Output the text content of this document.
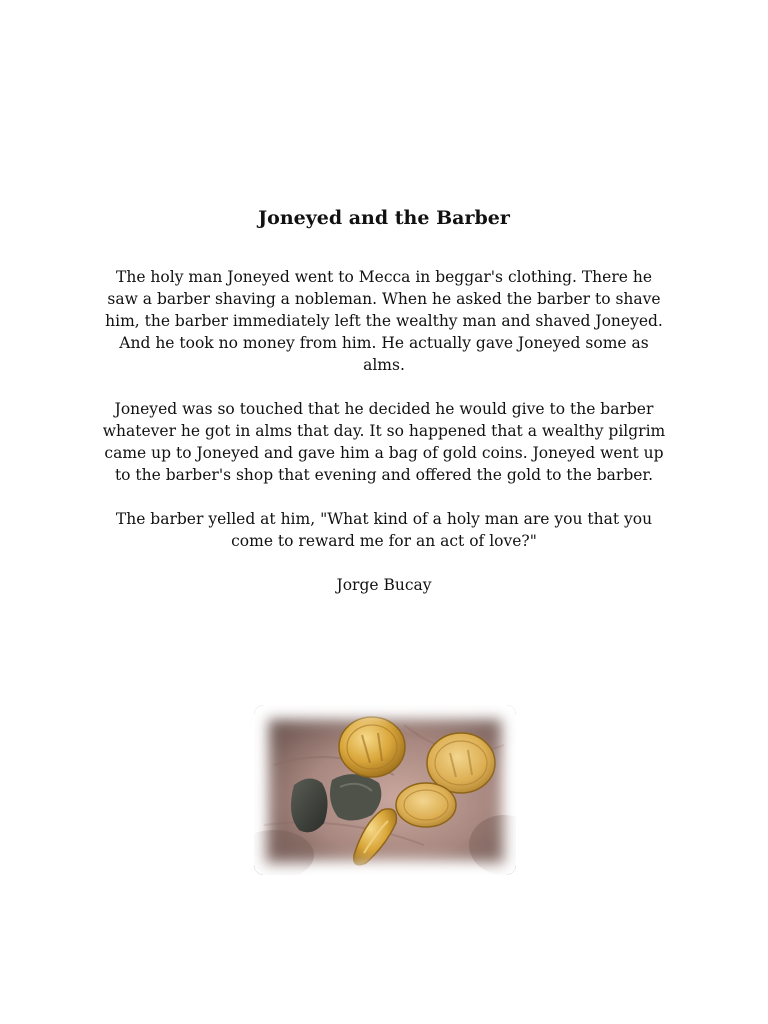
Joneyed and the Barber

The holy man Joneyed went to Mecca in beggar's clothing. There he saw a barber shaving a nobleman. When he asked the barber to shave him, the barber immediately left the wealthy man and shaved Joneyed. And he took no money from him. He actually gave Joneyed some as alms.

Joneyed was so touched that he decided he would give to the barber whatever he got in alms that day. It so happened that a wealthy pilgrim came up to Joneyed and gave him a bag of gold coins. Joneyed went up to the barber's shop that evening and offered the gold to the barber.

The barber yelled at him, "What kind of a holy man are you that you come to reward me for an act of love?"

Jorge Bucay
